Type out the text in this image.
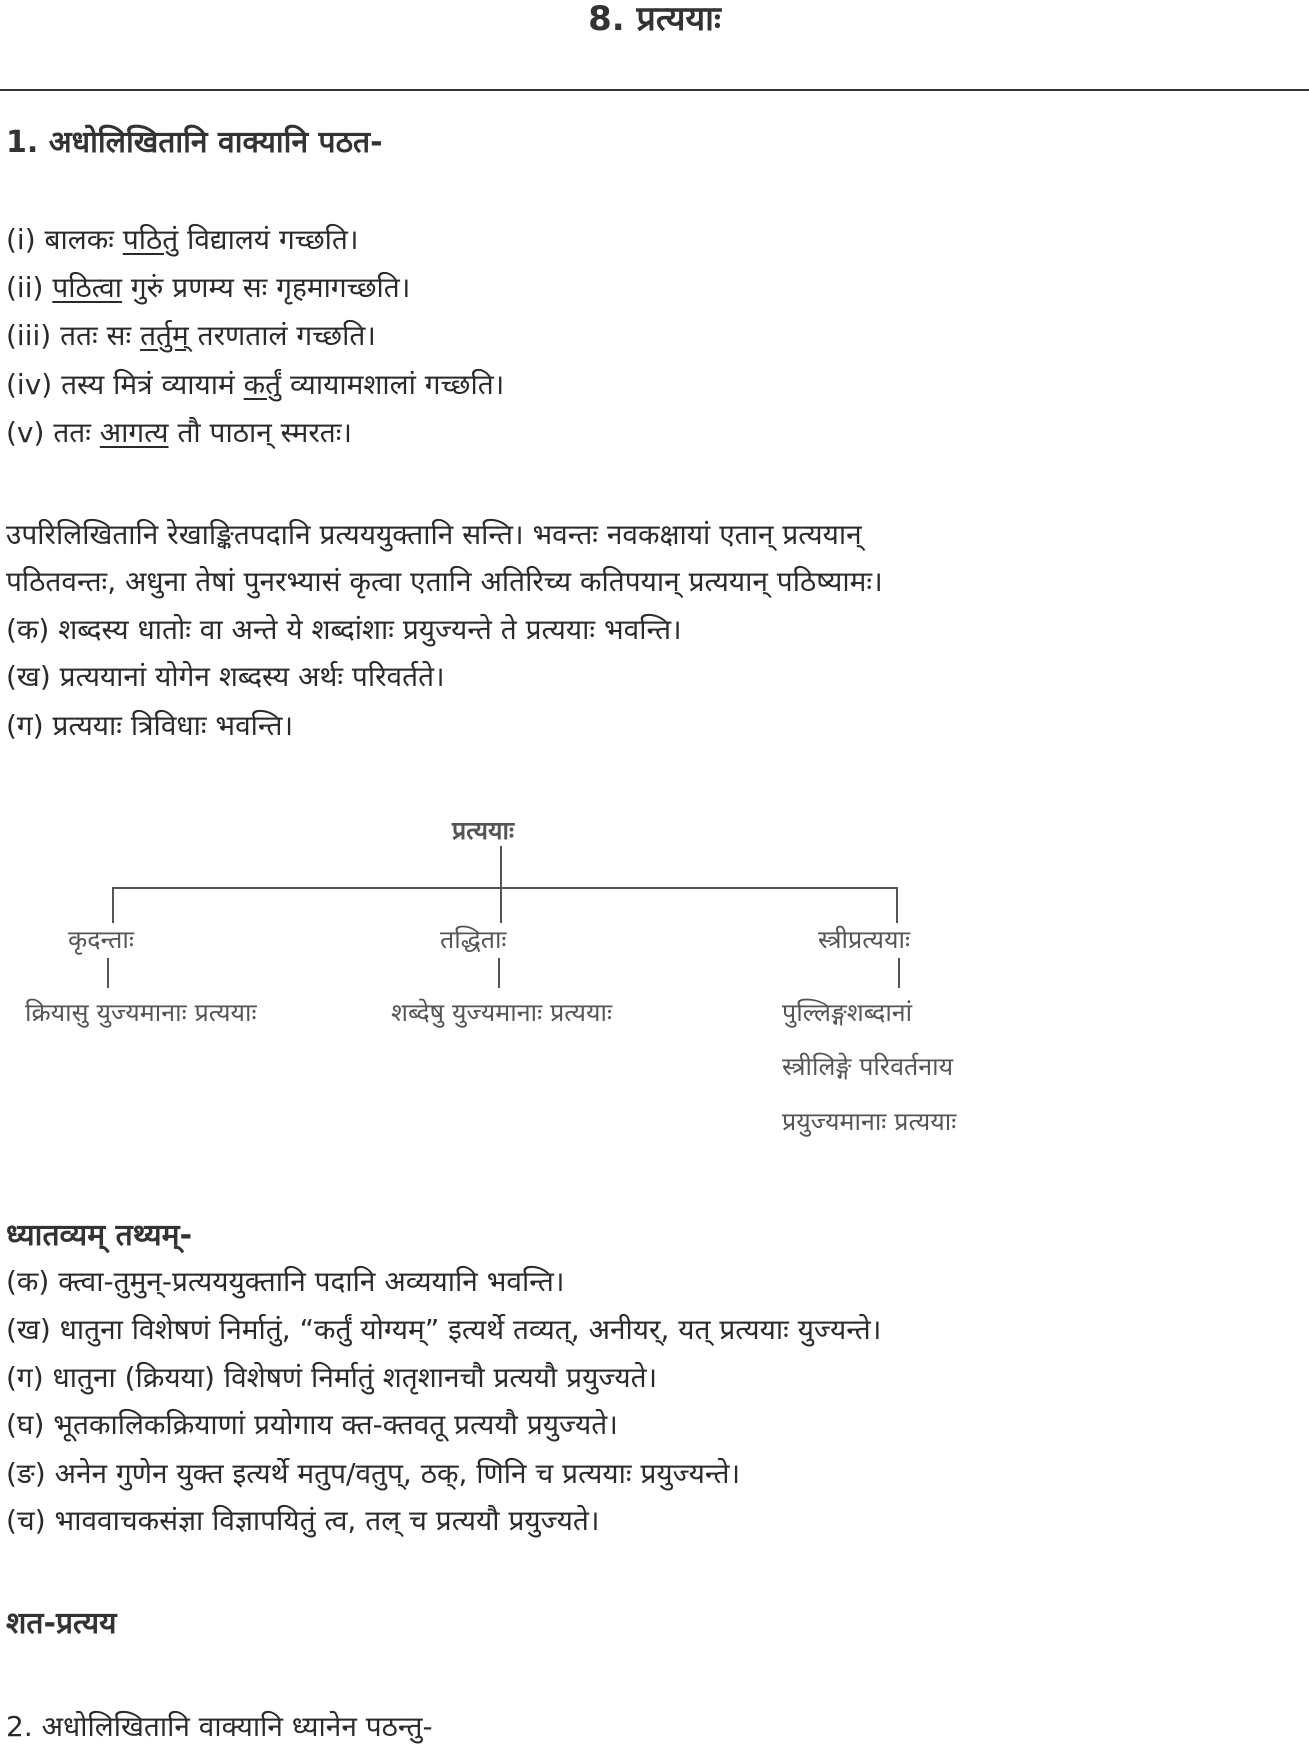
8. प्रत्ययाः
1. अधोलिखितानि वाक्यानि पठत-
(i) बालकः पठितुं विद्यालयं गच्छति।
(ii) पठित्वा गुरुं प्रणम्य सः गृहमागच्छति।
(iii) ततः सः तर्तुम् तरणतालं गच्छति।
(iv) तस्य मित्रं व्यायामं कर्तुं व्यायामशालां गच्छति।
(v) ततः आगत्य तौ पाठान् स्मरतः।
उपरिलिखितानि रेखाङ्कितपदानि प्रत्यययुक्तानि सन्ति। भवन्तः नवकक्षायां एतान् प्रत्ययान्
पठितवन्तः, अधुना तेषां पुनरभ्यासं कृत्वा एतानि अतिरिच्य कतिपयान् प्रत्ययान् पठिष्यामः।
(क) शब्दस्य धातोः वा अन्ते ये शब्दांशाः प्रयुज्यन्ते ते प्रत्ययाः भवन्ति।
(ख) प्रत्ययानां योगेन शब्दस्य अर्थः परिवर्तते।
(ग) प्रत्ययाः त्रिविधाः भवन्ति।
प्रत्ययाः
कृदन्ताः	तद्धिताः	स्त्रीप्रत्ययाः
क्रियासु युज्यमानाः प्रत्ययाः	शब्देषु युज्यमानाः प्रत्ययाः	पुल्लिङ्गशब्दानां
स्त्रीलिङ्गे परिवर्तनाय
प्रयुज्यमानाः प्रत्ययाः
ध्यातव्यम् तथ्यम्-
(क) क्त्वा-तुमुन्-प्रत्यययुक्तानि पदानि अव्ययानि भवन्ति।
(ख) धातुना विशेषणं निर्मातुं, “कर्तुं योग्यम्” इत्यर्थे तव्यत्, अनीयर्, यत् प्रत्ययाः युज्यन्ते।
(ग) धातुना (क्रियया) विशेषणं निर्मातुं शतृशानचौ प्रत्ययौ प्रयुज्यते।
(घ) भूतकालिकक्रियाणां प्रयोगाय क्त-क्तवतू प्रत्ययौ प्रयुज्यते।
(ङ) अनेन गुणेन युक्त इत्यर्थे मतुप/वतुप्, ठक्, णिनि च प्रत्ययाः प्रयुज्यन्ते।
(च) भाववाचकसंज्ञा विज्ञापयितुं त्व, तल् च प्रत्ययौ प्रयुज्यते।
शत-प्रत्यय
2. अधोलिखितानि वाक्यानि ध्यानेन पठन्तु-
